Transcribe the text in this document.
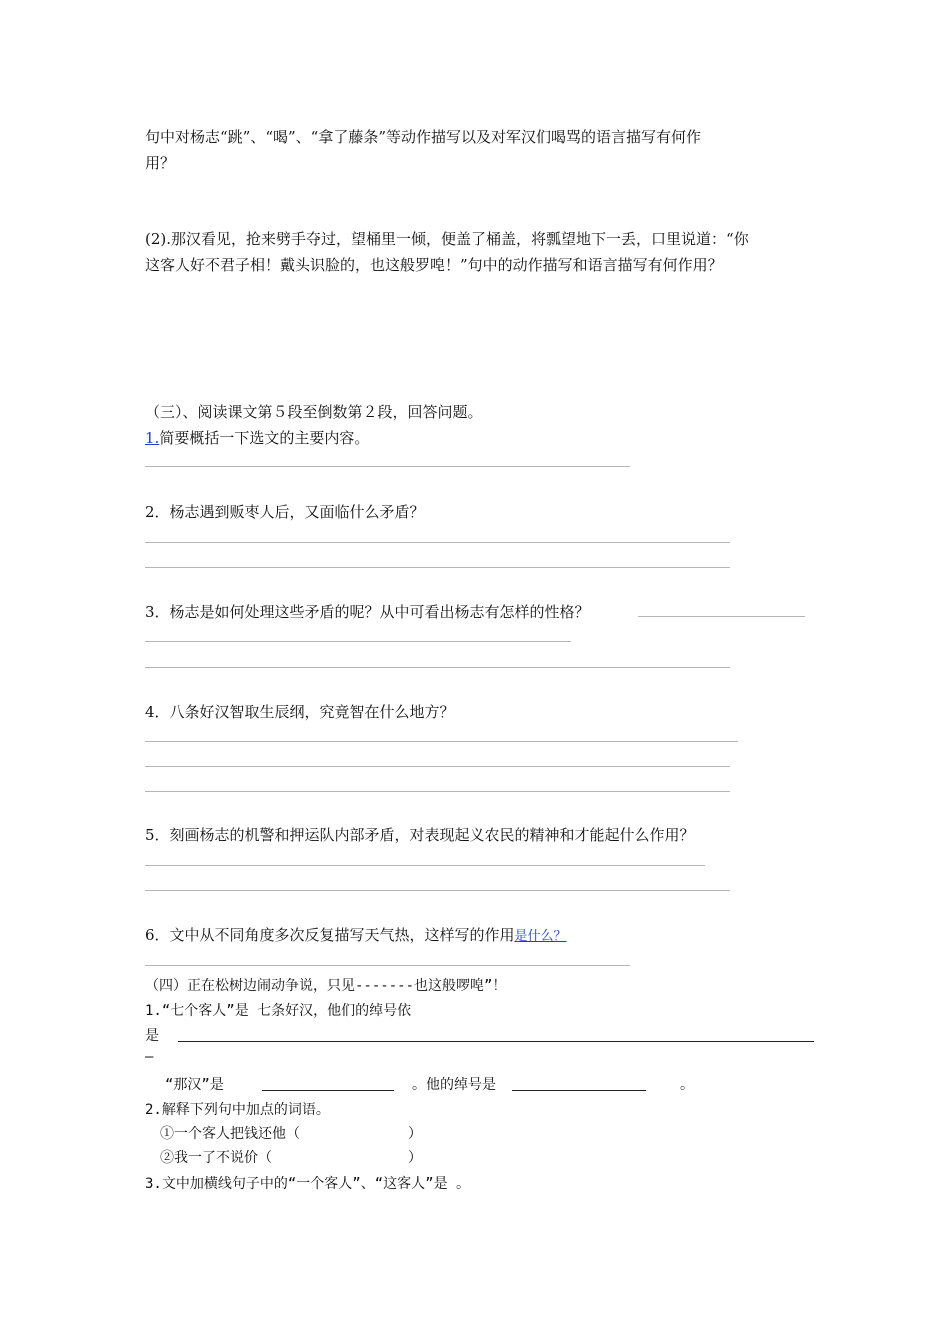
句中对杨志“跳”、“喝”、“拿了藤条”等动作描写以及对军汉们喝骂的语言描写有何作
用？
(2).那汉看见，抢来劈手夺过，望桶里一倾，便盖了桶盖，将瓢望地下一丢，口里说道：“你
这客人好不君子相！戴头识脸的，也这般罗唣！”句中的动作描写和语言描写有何作用？
（三）、阅读课文第５段至倒数第２段，回答问题。
1.简要概括一下选文的主要内容。
2．杨志遇到贩枣人后，又面临什么矛盾？
3．杨志是如何处理这些矛盾的呢？从中可看出杨志有怎样的性格？
4．八条好汉智取生辰纲，究竟智在什么地方？
5．刻画杨志的机警和押运队内部矛盾，对表现起义农民的精神和才能起什么作用？
6．文中从不同角度多次反复描写天气热，这样写的作用是什么？
（四）正在松树边闹动争说，只见-------也这般啰唣”！
1.“七个客人”是 七条好汉，他们的绰号依
是
—
“那汉”是	。他的绰号是	。
2.解释下列句中加点的词语。
①一个客人把钱还他（	）
②我一了不说价（	）
3.文中加横线句子中的“一个客人”、“这客人”是 。
